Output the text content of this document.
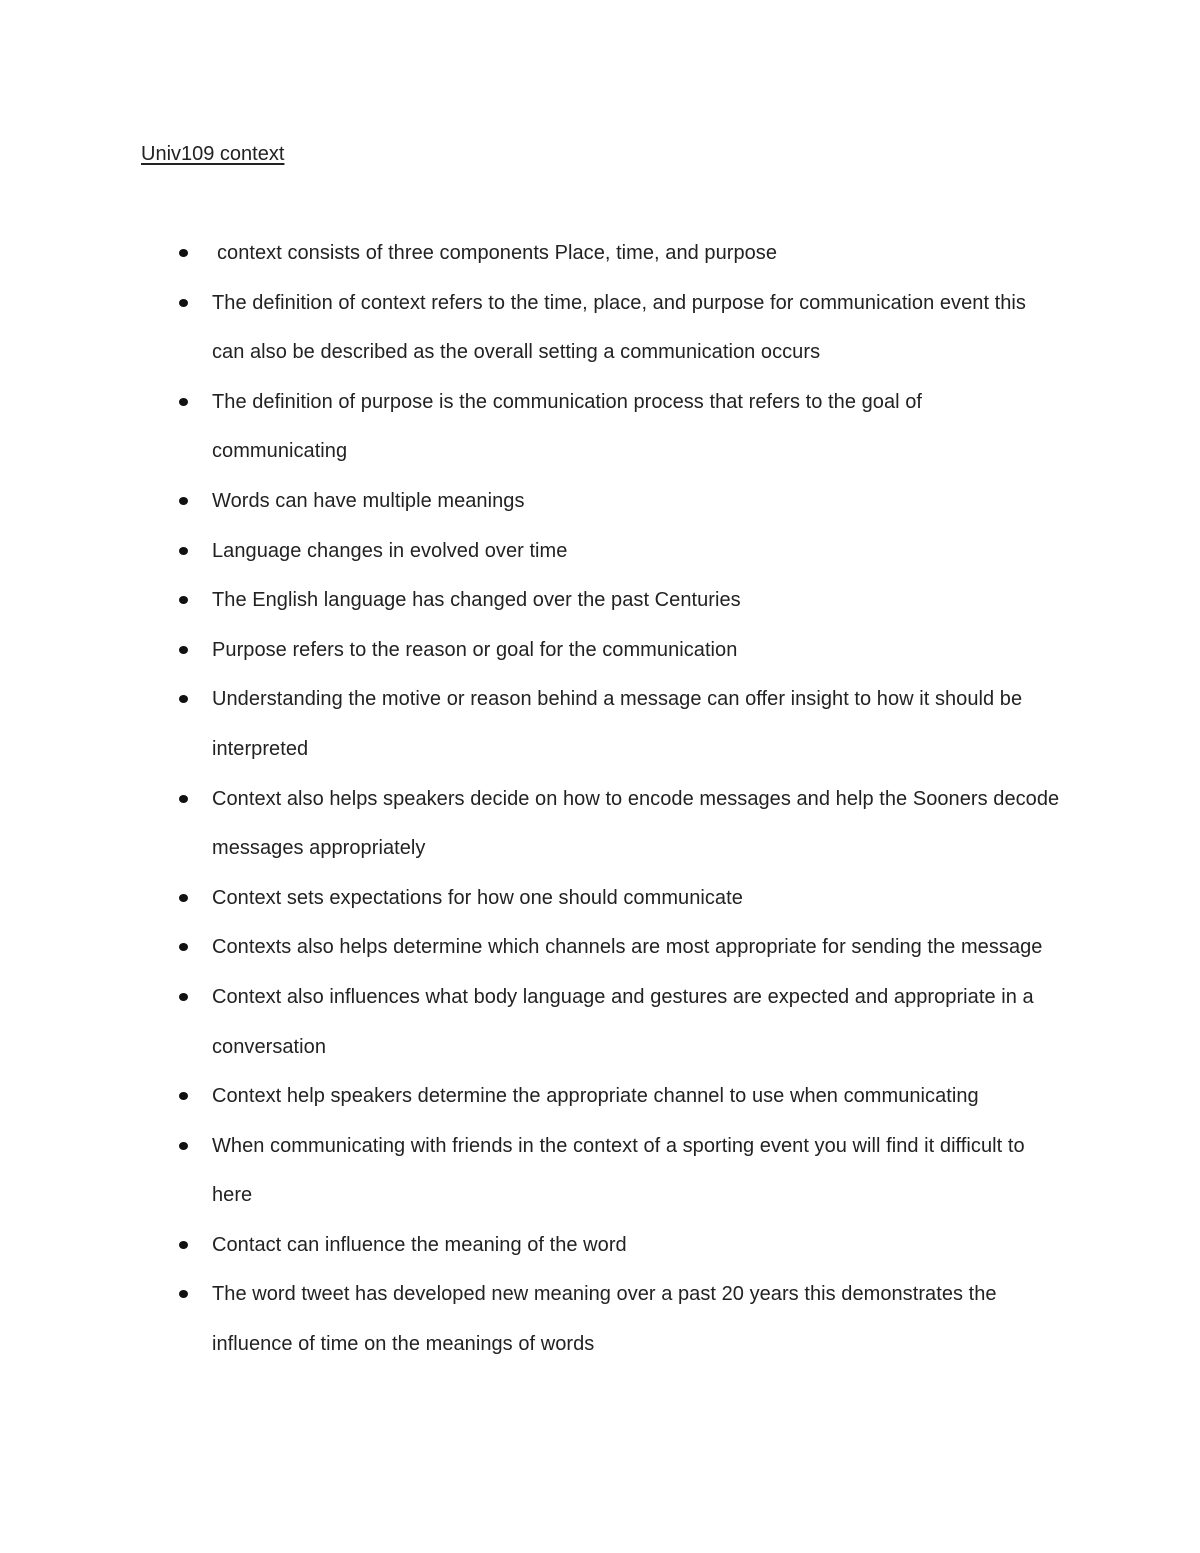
Univ109 context
context consists of three components Place, time, and purpose
The definition of context refers to the time, place, and purpose for communication event this can also be described as the overall setting a communication occurs
The definition of purpose is the communication process that refers to the goal of communicating
Words can have multiple meanings
Language changes in evolved over time
The English language has changed over the past Centuries
Purpose refers to the reason or goal for the communication
Understanding the motive or reason behind a message can offer insight to how it should be interpreted
Context also helps speakers decide on how to encode messages and help the Sooners decode messages appropriately
Context sets expectations for how one should communicate
Contexts also helps determine which channels are most appropriate for sending the message
Context also influences what body language and gestures are expected and appropriate in a conversation
Context help speakers determine the appropriate channel to use when communicating
When communicating with friends in the context of a sporting event you will find it difficult to here
Contact can influence the meaning of the word
The word tweet has developed new meaning over a past 20 years this demonstrates the influence of time on the meanings of words
